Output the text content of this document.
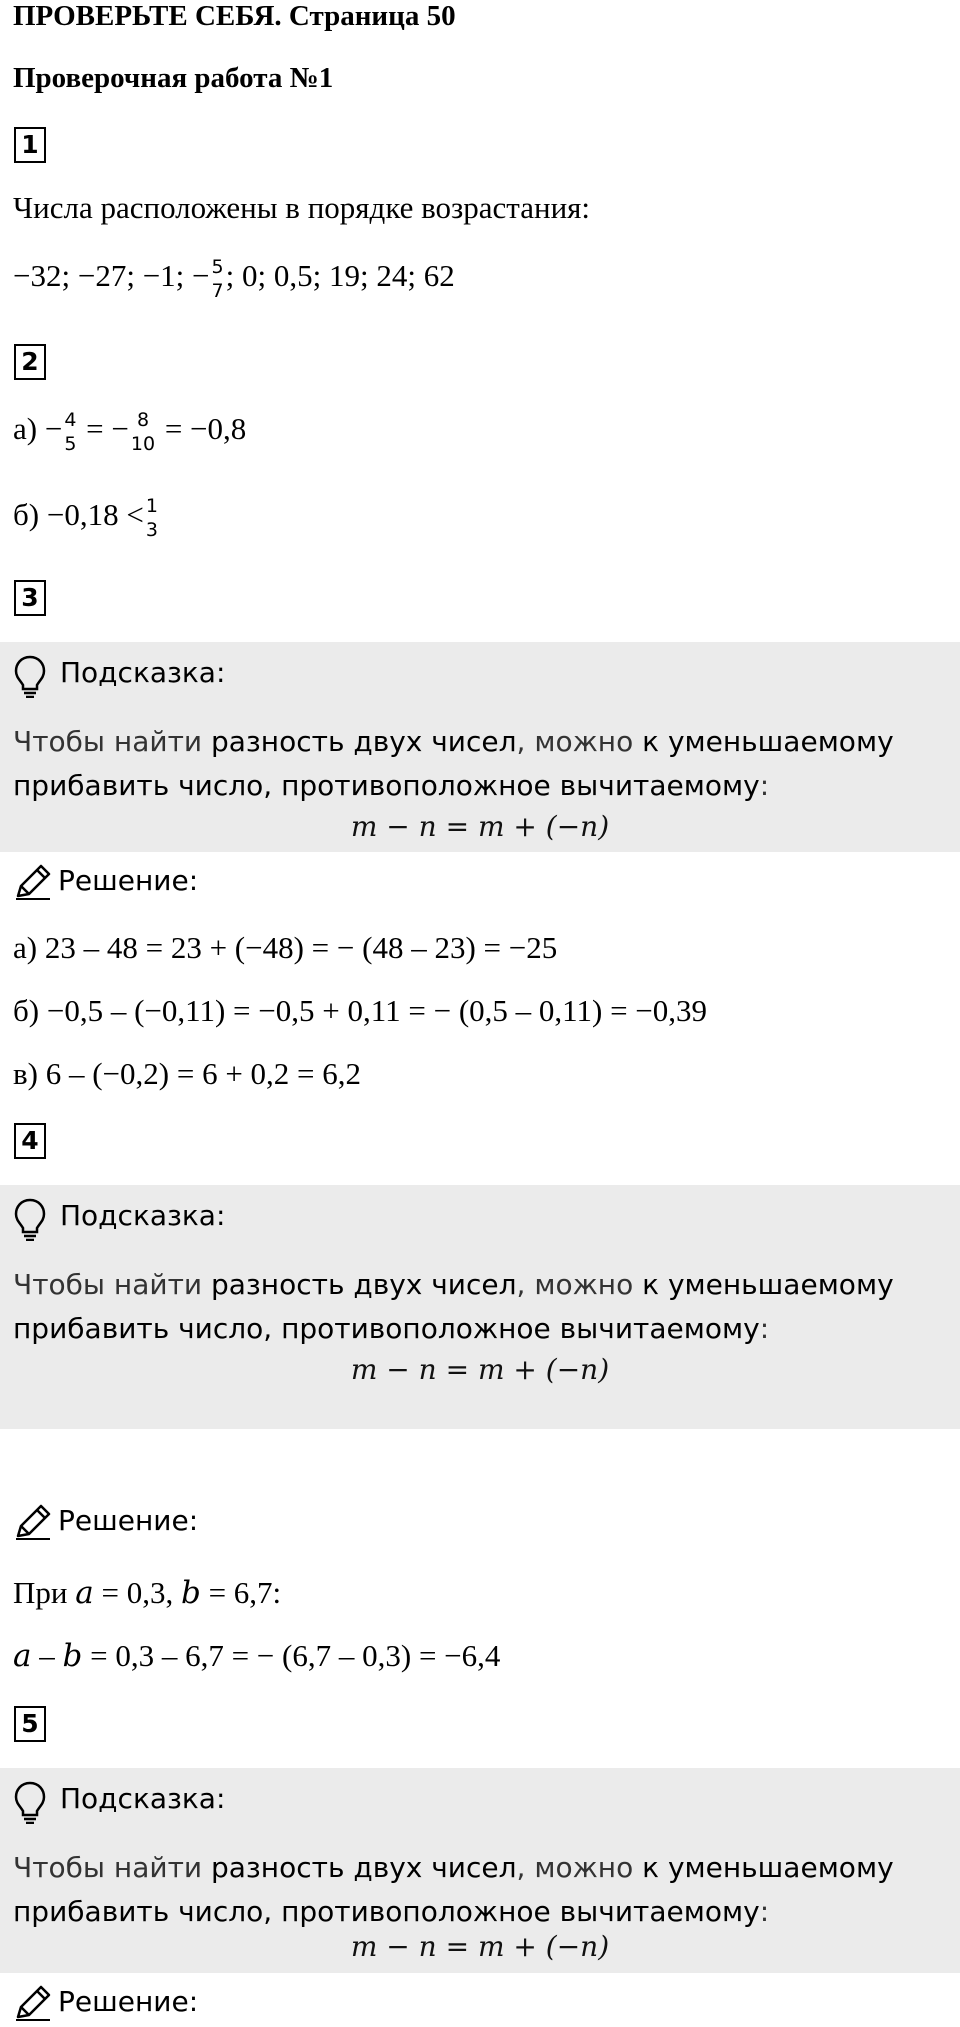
ПРОВЕРЬТЕ СЕБЯ. Страница 50
Проверочная работа №1
1
Числа расположены в порядке возрастания:
−32; −27; −1; − 5
7 ; 0; 0,5; 19; 24; 62
2
а) − 4
5 = − 8
10 = −0,8
б) −0,18 < 1
3
3
Подсказка:
Чтобы найти разность двух чисел, можно к уменьшаемому
прибавить число, противоположное вычитаемому:
m − n = m + (−n)
Решение:
а) 23 – 48 = 23 + (−48) = − (48 – 23) = −25
б) −0,5 – (−0,11) = −0,5 + 0,11 = − (0,5 – 0,11) = −0,39
в) 6 – (−0,2) = 6 + 0,2 = 6,2
4
Подсказка:
Чтобы найти разность двух чисел, можно к уменьшаемому
прибавить число, противоположное вычитаемому:
m − n = m + (−n)
Решение:
При a = 0,3, b = 6,7:
a – b = 0,3 – 6,7 = − (6,7 – 0,3) = −6,4
5
Подсказка:
Чтобы найти разность двух чисел, можно к уменьшаемому
прибавить число, противоположное вычитаемому:
m − n = m + (−n)
Решение:
